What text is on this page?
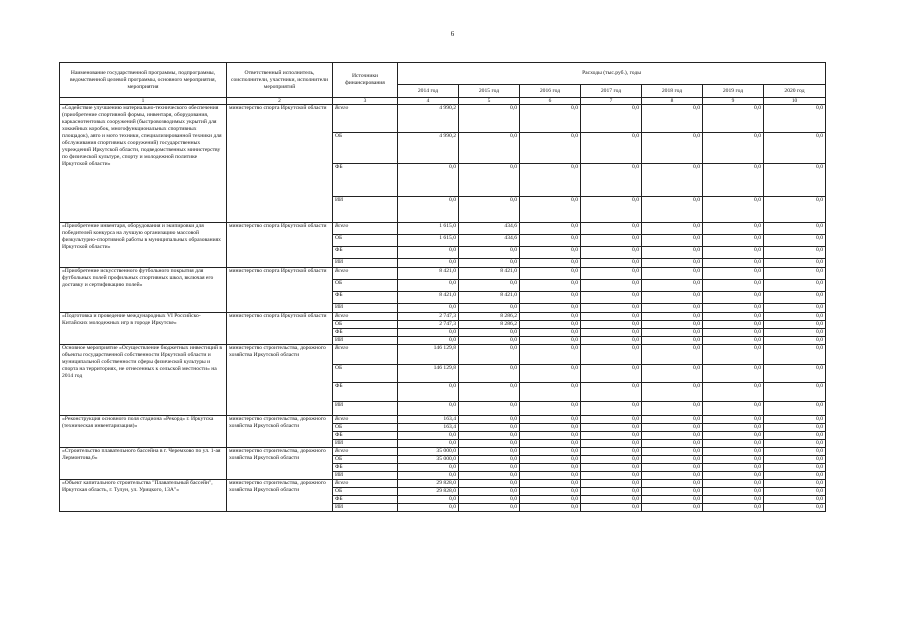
6
Наименование государственной программы, подпрограммы, ведомственной целевой программы, основного мероприятия, мероприятия	Ответственный исполнитель, соисполнители, участники, исполнители мероприятий	Источники финансирования	Расходы (тыс.руб.), годы						
			2014 год	2015 год	2016 год	2017 год	2018 год	2019 год	2020 год
1	2	3	4	5	6	7	8	9	10
«Содействие улучшению материально-технического обеспечения (приобретение спортивной формы, инвентаря, оборудования, каркаснотентовых сооружений (быстровозводимых укрытий для хоккейных коробок, многофункциональных спортивных площадок), авто и мото техники, специализированной техники для обслуживания спортивных сооружений) государственных учреждений Иркутской области, подведомственных министерству по физической культуре, спорту и молодежной политике Иркутской области»	министерство спорта Иркутской области	Всего	4 990,2	0,0	0,0	0,0	0,0	0,0	0,0
		ОБ	4 990,2	0,0	0,0	0,0	0,0	0,0	0,0
		ФБ	0,0	0,0	0,0	0,0	0,0	0,0	0,0
		ИИ	0,0	0,0	0,0	0,0	0,0	0,0	0,0
«Приобретение инвентаря, оборудования и экипировки для победителей конкурса на лучшую организацию массовой физкультурно-спортивной работы в муниципальных образованиях Иркутской области»	министерство спорта Иркутской области	Всего	1 615,0	434,6	0,0	0,0	0,0	0,0	0,0
		ОБ	1 615,0	434,6	0,0	0,0	0,0	0,0	0,0
		ФБ	0,0	0,0	0,0	0,0	0,0	0,0	0,0
		ИИ	0,0	0,0	0,0	0,0	0,0	0,0	0,0
«Приобретение искусственного футбольного покрытия для футбольных полей профильных спортивных школ, включая его доставку и сертификацию полей»	министерство спорта Иркутской области	Всего	8 421,0	8 421,0	0,0	0,0	0,0	0,0	0,0
		ОБ	0,0	0,0	0,0	0,0	0,0	0,0	0,0
		ФБ	8 421,0	8 421,0	0,0	0,0	0,0	0,0	0,0
		ИИ	0,0	0,0	0,0	0,0	0,0	0,0	0,0
«Подготовка и проведение международных VI Российско-Китайских молодежных игр в городе Иркутске»	министерство спорта Иркутской области	Всего	2 747,3	8 286,2	0,0	0,0	0,0	0,0	0,0
		ОБ	2 747,3	8 286,2	0,0	0,0	0,0	0,0	0,0
		ФБ	0,0	0,0	0,0	0,0	0,0	0,0	0,0
		ИИ	0,0	0,0	0,0	0,0	0,0	0,0	0,0
Основное мероприятие «Осуществление бюджетных инвестиций в объекты государственной собственности Иркутской области и муниципальной собственности сферы физической культуры и спорта на территориях, не отнесенных к сельской местности» на 2014 год	министерство строительства, дорожного хозяйства Иркутской области	Всего	146 129,8	0,0	0,0	0,0	0,0	0,0	0,0
		ОБ	146 129,8	0,0	0,0	0,0	0,0	0,0	0,0
		ФБ	0,0	0,0	0,0	0,0	0,0	0,0	0,0
		ИИ	0,0	0,0	0,0	0,0	0,0	0,0	0,0
«Реконструкция основного поля стадиона «Рекорд» г. Иркутска (техническая инвентаризация)»	министерство строительства, дорожного хозяйства Иркутской области	Всего	163,4	0,0	0,0	0,0	0,0	0,0	0,0
		ОБ	163,4	0,0	0,0	0,0	0,0	0,0	0,0
		ФБ	0,0	0,0	0,0	0,0	0,0	0,0	0,0
		ИИ	0,0	0,0	0,0	0,0	0,0	0,0	0,0
«Строительство плавательного бассейна в г. Черемхово по ул. 1-ая Лермонтова,6»	министерство строительства, дорожного хозяйства Иркутской области	Всего	35 000,0	0,0	0,0	0,0	0,0	0,0	0,0
		ОБ	35 000,0	0,0	0,0	0,0	0,0	0,0	0,0
		ФБ	0,0	0,0	0,0	0,0	0,0	0,0	0,0
		ИИ	0,0	0,0	0,0	0,0	0,0	0,0	0,0
«Объект капитального строительства "Плавательный бассейн", Иркутская область, г. Тулун, ул. Урицкого, 13А"»	министерство строительства, дорожного хозяйства Иркутской области	Всего	29 828,0	0,0	0,0	0,0	0,0	0,0	0,0
		ОБ	29 828,0	0,0	0,0	0,0	0,0	0,0	0,0
		ФБ	0,0	0,0	0,0	0,0	0,0	0,0	0,0
		ИИ	0,0	0,0	0,0	0,0	0,0	0,0	0,0
